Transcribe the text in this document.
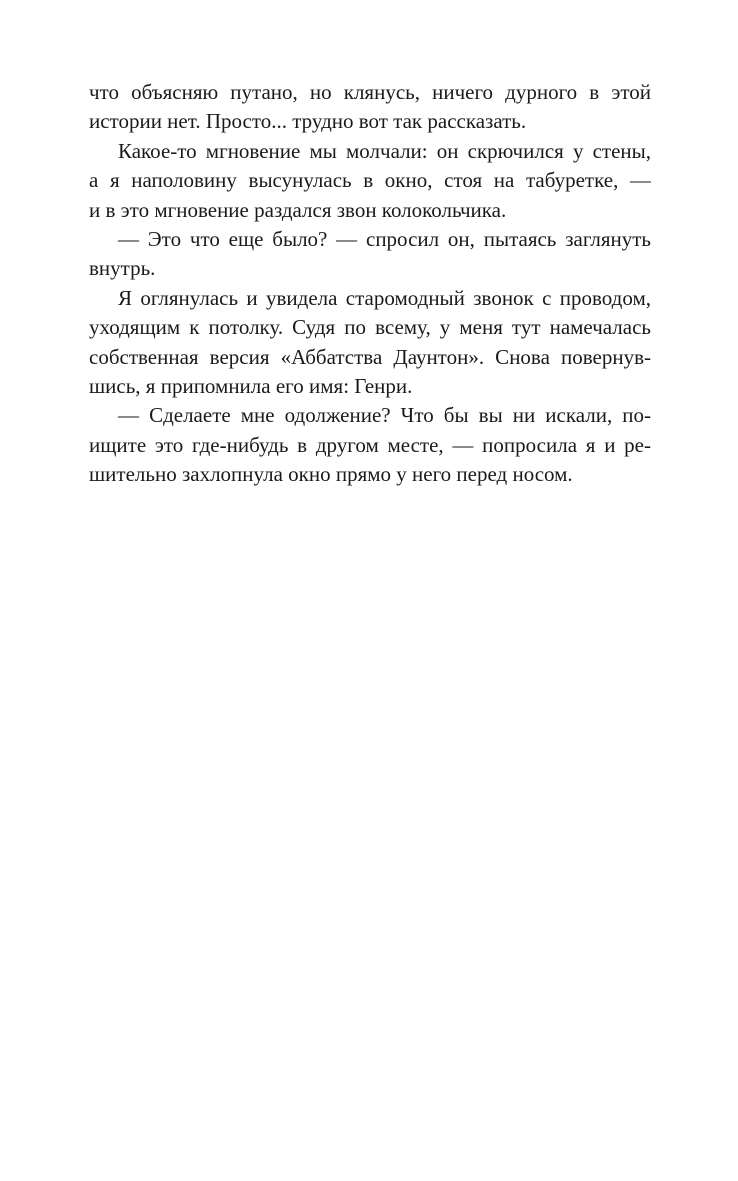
что объясняю путано, но клянусь, ничего дурного в этой
истории нет. Просто... трудно вот так рассказать.
Какое-то мгновение мы молчали: он скрючился у стены,
а я наполовину высунулась в окно, стоя на табуретке, —
и в это мгновение раздался звон колокольчика.
— Это что еще было? — спросил он, пытаясь заглянуть
внутрь.
Я оглянулась и увидела старомодный звонок с проводом,
уходящим к потолку. Судя по всему, у меня тут намечалась
собственная версия «Аббатства Даунтон». Снова повернув-
шись, я припомнила его имя: Генри.
— Сделаете мне одолжение? Что бы вы ни искали, по-
ищите это где-нибудь в другом месте, — попросила я и ре-
шительно захлопнула окно прямо у него перед носом.
